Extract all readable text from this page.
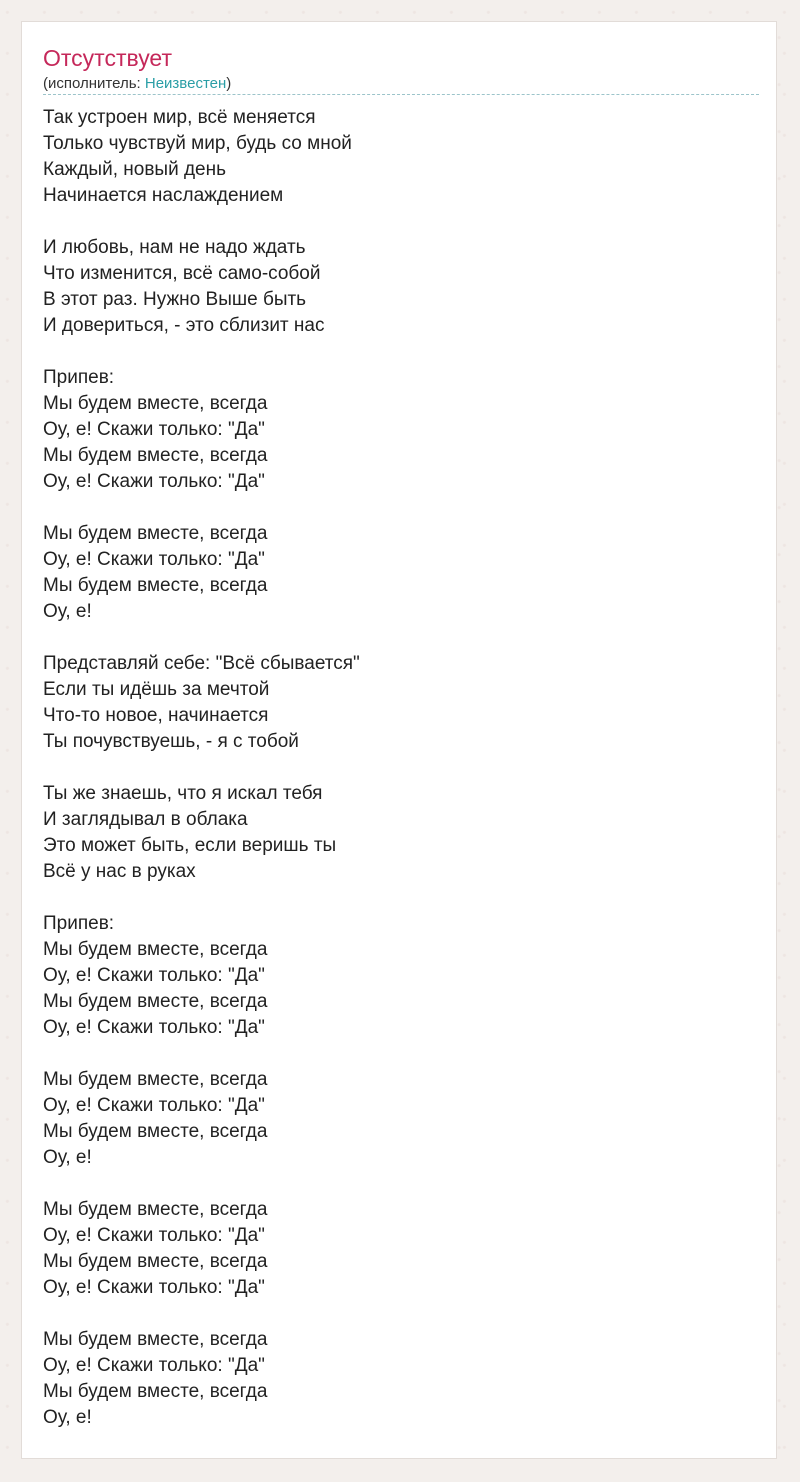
Отсутствует
(исполнитель: Неизвестен)
Так устроен мир, всё меняется
Только чувствуй мир, будь со мной
Каждый, новый день
Начинается наслаждением
И любовь, нам не надо ждать
Что изменится, всё само-собой
В этот раз. Нужно Выше быть
И довериться, - это сблизит нас
Припев:
Мы будем вместе, всегда
Оу, е! Скажи только: "Да"
Мы будем вместе, всегда
Оу, е! Скажи только: "Да"
Мы будем вместе, всегда
Оу, е! Скажи только: "Да"
Мы будем вместе, всегда
Оу, е!
Представляй себе: "Всё сбывается"
Если ты идёшь за мечтой
Что-то новое, начинается
Ты почувствуешь, - я с тобой
Ты же знаешь, что я искал тебя
И заглядывал в облака
Это может быть, если веришь ты
Всё у нас в руках
Припев:
Мы будем вместе, всегда
Оу, е! Скажи только: "Да"
Мы будем вместе, всегда
Оу, е! Скажи только: "Да"
Мы будем вместе, всегда
Оу, е! Скажи только: "Да"
Мы будем вместе, всегда
Оу, е!
Мы будем вместе, всегда
Оу, е! Скажи только: "Да"
Мы будем вместе, всегда
Оу, е! Скажи только: "Да"
Мы будем вместе, всегда
Оу, е! Скажи только: "Да"
Мы будем вместе, всегда
Оу, е!
